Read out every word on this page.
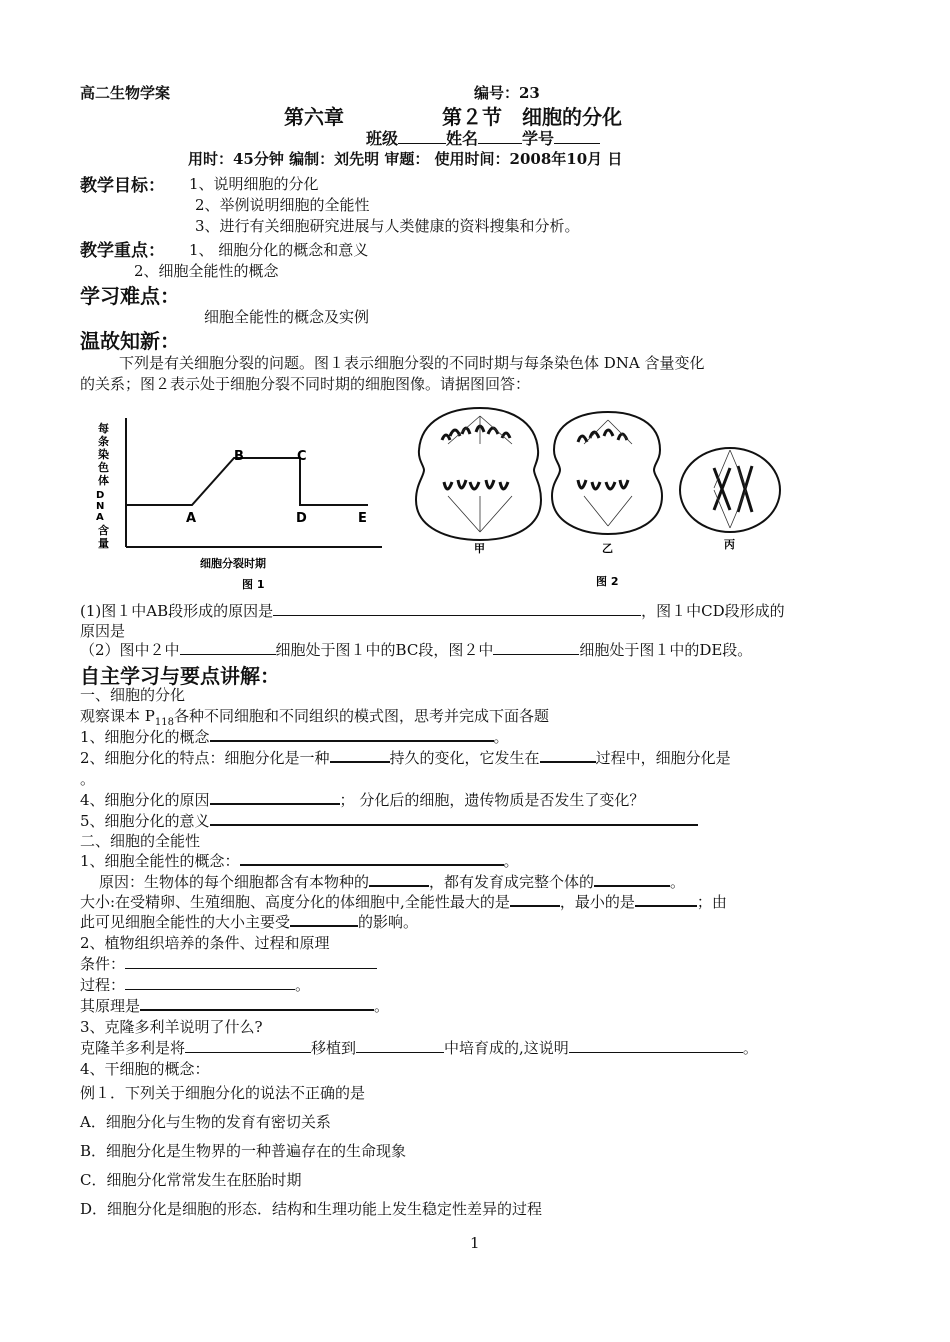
高二生物学案	编号：23
第六章	第２节　细胞的分化
班级	姓名	学号
用时：45分钟 编制：刘先明 审题： 使用时间：2008年10月 日
教学目标： 1、说明细胞的分化
2、举例说明细胞的全能性
3、进行有关细胞研究进展与人类健康的资料搜集和分析。
教学重点： 1、 细胞分化的概念和意义
2、细胞全能性的概念
学习难点：
细胞全能性的概念及实例
温故知新：
下列是有关细胞分裂的问题。图１表示细胞分裂的不同时期与每条染色体 DNA 含量变化
的关系；图２表示处于细胞分裂不同时期的细胞图像。请据图回答：
每条染色体 D N A 含量
A
B	C
D	E
细胞分裂时期
图 1
甲	乙	丙
图 2
(1)图１中AB段形成的原因是	，图１中CD段形成的
原因是
（2）图中２中	细胞处于图１中的BC段，图２中	细胞处于图１中的DE段。
自主学习与要点讲解：
一、细胞的分化
观察课本 $P_{118}$各种不同细胞和不同组织的模式图，思考并完成下面各题
1、细胞分化的概念	。
2、细胞分化的特点：细胞分化是一种	持久的变化，它发生在	过程中，细胞分化是
。
4、细胞分化的原因	； 分化后的细胞，遗传物质是否发生了变化？
5、细胞分化的意义
二、细胞的全能性
1、细胞全能性的概念：	。
原因：生物体的每个细胞都含有本物种的	，都有发育成完整个体的	。
大小:在受精卵、生殖细胞、高度分化的体细胞中,全能性最大的是	，最小的是	；由
此可见细胞全能性的大小主要受	的影响。
2、植物组织培养的条件、过程和原理
条件：
过程：	。
其原理是	。
3、克隆多利羊说明了什么?
克隆羊多利是将	移植到	中培育成的,这说明	。
4、干细胞的概念：
例１．下列关于细胞分化的说法不正确的是
A．细胞分化与生物的发育有密切关系
B．细胞分化是生物界的一种普遍存在的生命现象
C．细胞分化常常发生在胚胎时期
D．细胞分化是细胞的形态．结构和生理功能上发生稳定性差异的过程
1
